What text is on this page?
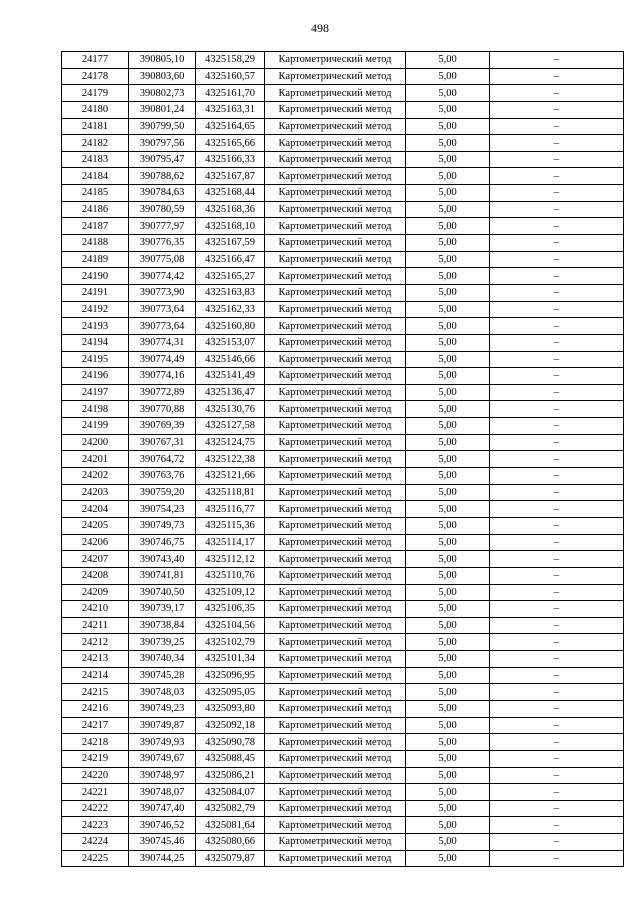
498
24177	390805,10	4325158,29	Картометрический метод	5,00	–
24178	390803,60	4325160,57	Картометрический метод	5,00	–
24179	390802,73	4325161,70	Картометрический метод	5,00	–
24180	390801,24	4325163,31	Картометрический метод	5,00	–
24181	390799,50	4325164,65	Картометрический метод	5,00	–
24182	390797,56	4325165,66	Картометрический метод	5,00	–
24183	390795,47	4325166,33	Картометрический метод	5,00	–
24184	390788,62	4325167,87	Картометрический метод	5,00	–
24185	390784,63	4325168,44	Картометрический метод	5,00	–
24186	390780,59	4325168,36	Картометрический метод	5,00	–
24187	390777,97	4325168,10	Картометрический метод	5,00	–
24188	390776,35	4325167,59	Картометрический метод	5,00	–
24189	390775,08	4325166,47	Картометрический метод	5,00	–
24190	390774,42	4325165,27	Картометрический метод	5,00	–
24191	390773,90	4325163,83	Картометрический метод	5,00	–
24192	390773,64	4325162,33	Картометрический метод	5,00	–
24193	390773,64	4325160,80	Картометрический метод	5,00	–
24194	390774,31	4325153,07	Картометрический метод	5,00	–
24195	390774,49	4325146,66	Картометрический метод	5,00	–
24196	390774,16	4325141,49	Картометрический метод	5,00	–
24197	390772,89	4325136,47	Картометрический метод	5,00	–
24198	390770,88	4325130,76	Картометрический метод	5,00	–
24199	390769,39	4325127,58	Картометрический метод	5,00	–
24200	390767,31	4325124,75	Картометрический метод	5,00	–
24201	390764,72	4325122,38	Картометрический метод	5,00	–
24202	390763,76	4325121,66	Картометрический метод	5,00	–
24203	390759,20	4325118,81	Картометрический метод	5,00	–
24204	390754,23	4325116,77	Картометрический метод	5,00	–
24205	390749,73	4325115,36	Картометрический метод	5,00	–
24206	390746,75	4325114,17	Картометрический метод	5,00	–
24207	390743,40	4325112,12	Картометрический метод	5,00	–
24208	390741,81	4325110,76	Картометрический метод	5,00	–
24209	390740,50	4325109,12	Картометрический метод	5,00	–
24210	390739,17	4325106,35	Картометрический метод	5,00	–
24211	390738,84	4325104,56	Картометрический метод	5,00	–
24212	390739,25	4325102,79	Картометрический метод	5,00	–
24213	390740,34	4325101,34	Картометрический метод	5,00	–
24214	390745,28	4325096,95	Картометрический метод	5,00	–
24215	390748,03	4325095,05	Картометрический метод	5,00	–
24216	390749,23	4325093,80	Картометрический метод	5,00	–
24217	390749,87	4325092,18	Картометрический метод	5,00	–
24218	390749,93	4325090,78	Картометрический метод	5,00	–
24219	390749,67	4325088,45	Картометрический метод	5,00	–
24220	390748,97	4325086,21	Картометрический метод	5,00	–
24221	390748,07	4325084,07	Картометрический метод	5,00	–
24222	390747,40	4325082,79	Картометрический метод	5,00	–
24223	390746,52	4325081,64	Картометрический метод	5,00	–
24224	390745,46	4325080,66	Картометрический метод	5,00	–
24225	390744,25	4325079,87	Картометрический метод	5,00	–
